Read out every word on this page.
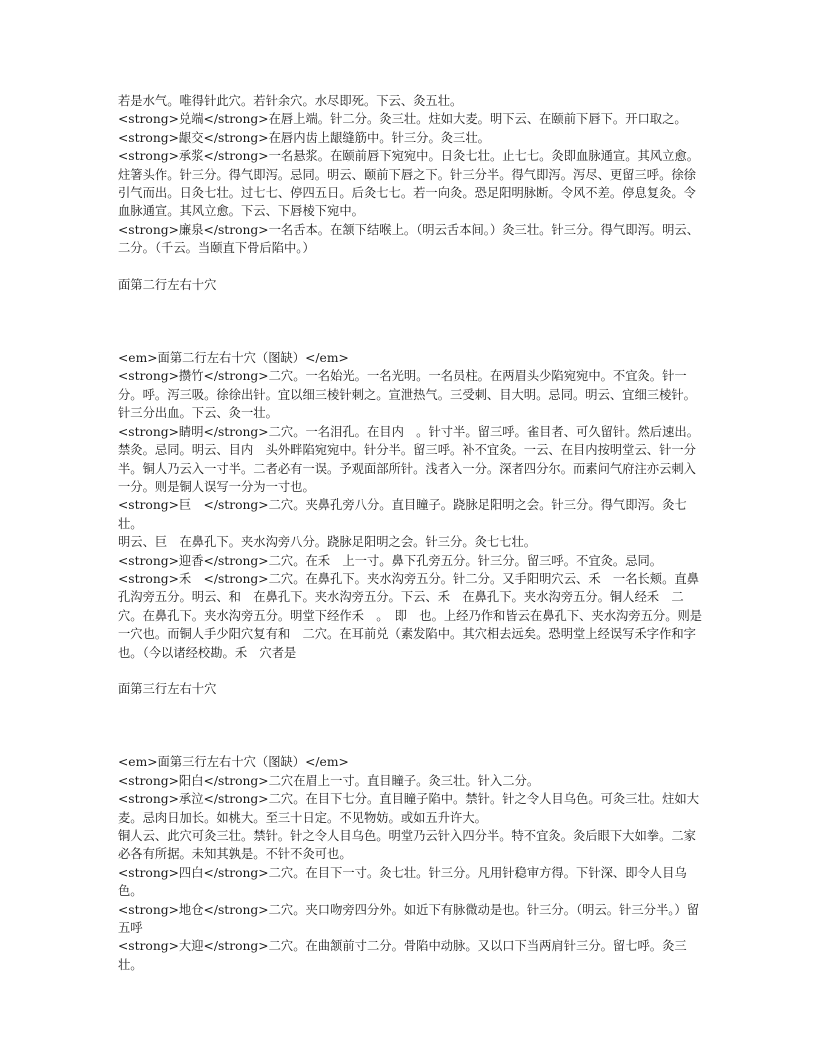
若是水气。唯得针此穴。若针余穴。水尽即死。下云、灸五壮。

<strong>兑端</strong>在唇上端。针二分。灸三壮。炷如大麦。明下云、在颐前下唇下。开口取之。

<strong>龈交</strong>在唇内齿上龈缝筋中。针三分。灸三壮。

<strong>承浆</strong>一名悬浆。在颐前唇下宛宛中。日灸七壮。止七七。灸即血脉通宣。其风立愈。炷箸头作。针三分。得气即泻。忌同。明云、颐前下唇之下。针三分半。得气即泻。泻尽、更留三呼。徐徐引气而出。日灸七壮。过七七、停四五日。后灸七七。若一向灸。恐足阳明脉断。令风不差。停息复灸。令血脉通宣。其风立愈。下云、下唇棱下宛中。

<strong>廉泉</strong>一名舌本。在颔下结喉上。（明云舌本间。）灸三壮。针三分。得气即泻。明云、二分。（千云。当颐直下骨后陷中。）

面第二行左右十穴

<em>面第二行左右十穴（图缺）</em>

<strong>攒竹</strong>二穴。一名始光。一名光明。一名员柱。在两眉头少陷宛宛中。不宜灸。针一分。呼。泻三吸。徐徐出针。宜以细三棱针刺之。宣泄热气。三受刺、目大明。忌同。明云、宜细三棱针。针三分出血。下云、灸一壮。

<strong>睛明</strong>二穴。一名泪孔。在目内　。针寸半。留三呼。雀目者、可久留针。然后速出。禁灸。忌同。明云、目内　头外畔陷宛宛中。针分半。留三呼。补不宜灸。一云、在目内按明堂云、针一分半。铜人乃云入一寸半。二者必有一误。予观面部所针。浅者入一分。深者四分尔。而素问气府注亦云刺入一分。则是铜人误写一分为一寸也。

<strong>巨　</strong>二穴。夹鼻孔旁八分。直目瞳子。跷脉足阳明之会。针三分。得气即泻。灸七壮。

明云、巨　在鼻孔下。夹水沟旁八分。跷脉足阳明之会。针三分。灸七七壮。

<strong>迎香</strong>二穴。在禾　上一寸。鼻下孔旁五分。针三分。留三呼。不宜灸。忌同。

<strong>禾　</strong>二穴。在鼻孔下。夹水沟旁五分。针二分。又手阳明穴云、禾　一名长颊。直鼻孔沟旁五分。明云、和　在鼻孔下。夹水沟旁五分。下云、禾　在鼻孔下。夹水沟旁五分。铜人经禾　二穴。在鼻孔下。夹水沟旁五分。明堂下经作禾　。　即　也。上经乃作和皆云在鼻孔下、夹水沟旁五分。则是一穴也。而铜人手少阳穴复有和　二穴。在耳前兑（素发陷中。其穴相去远矣。恐明堂上经误写禾字作和字也。（今以诸经校勘。禾　穴者是

面第三行左右十穴

<em>面第三行左右十穴（图缺）</em>

<strong>阳白</strong>二穴在眉上一寸。直目瞳子。灸三壮。针入二分。

<strong>承泣</strong>二穴。在目下七分。直目瞳子陷中。禁针。针之令人目乌色。可灸三壮。炷如大麦。忌肉日加长。如桃大。至三十日定。不见物妨。或如五升许大。

铜人云、此穴可灸三壮。禁针。针之令人目乌色。明堂乃云针入四分半。特不宜灸。灸后眼下大如拳。二家必各有所据。未知其孰是。不针不灸可也。

<strong>四白</strong>二穴。在目下一寸。灸七壮。针三分。凡用针稳审方得。下针深、即令人目乌色。

<strong>地仓</strong>二穴。夹口吻旁四分外。如近下有脉微动是也。针三分。（明云。针三分半。）留五呼

<strong>大迎</strong>二穴。在曲颔前寸二分。骨陷中动脉。又以口下当两肩针三分。留七呼。灸三壮。
